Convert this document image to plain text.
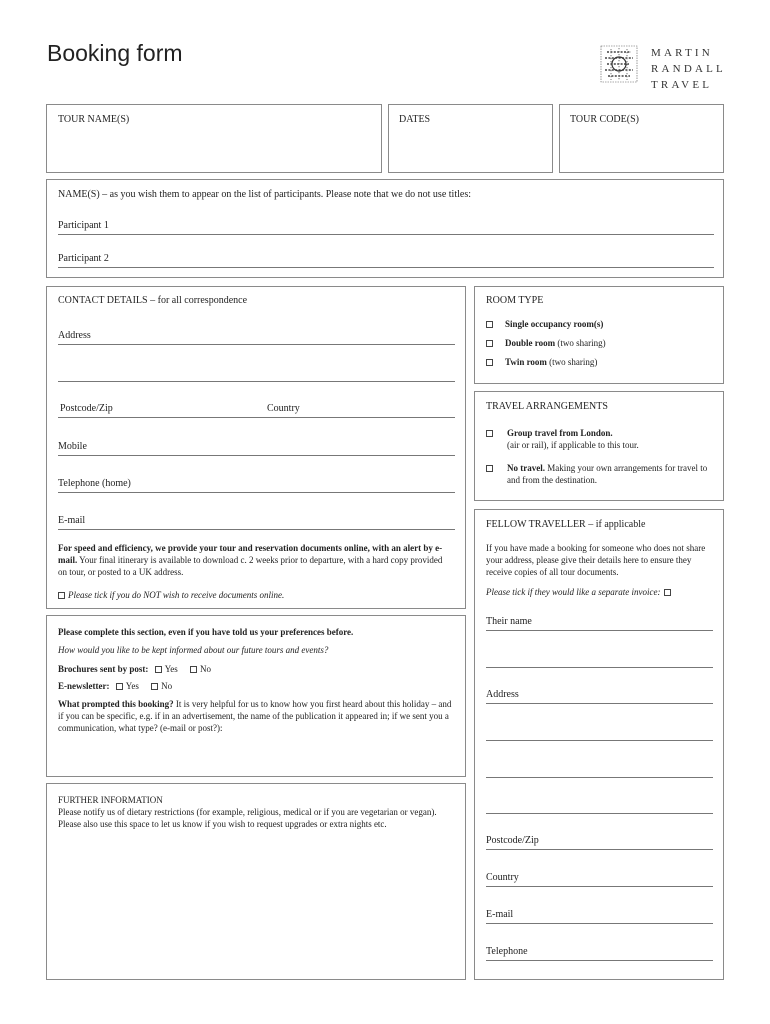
Booking form	MARTIN
RANDALL
TRAVEL
TOUR NAME(S)	DATES	TOUR CODE(S)
NAME(S) – as you wish them to appear on the list of participants. Please note that we do not use titles:
Participant 1
Participant 2
CONTACT DETAILS – for all correspondence
Address
Postcode/Zip	Country
Mobile
Telephone (home)
E-mail
For speed and efficiency, we provide your tour and reservation documents online, with an alert by e-mail. Your final itinerary is available to download c. 2 weeks prior to departure, with a hard copy provided on tour, or posted to a UK address.
Please tick if you do NOT wish to receive documents online.
Please complete this section, even if you have told us your preferences before.
How would you like to be kept informed about our future tours and events?
Brochures sent by post: Yes No
E-newsletter: Yes No
What prompted this booking? It is very helpful for us to know how you first heard about this holiday – and if you can be specific, e.g. if in an advertisement, the name of the publication it appeared in; if we sent you a communication, what type? (e-mail or post?):
FURTHER INFORMATION
Please notify us of dietary restrictions (for example, religious, medical or if you are vegetarian or vegan). Please also use this space to let us know if you wish to request upgrades or extra nights etc.
ROOM TYPE
Single occupancy room(s)
Double room (two sharing)
Twin room (two sharing)
TRAVEL ARRANGEMENTS
Group travel from London.
(air or rail), if applicable to this tour.
No travel. Making your own arrangements for travel to and from the destination.
FELLOW TRAVELLER – if applicable
If you have made a booking for someone who does not share your address, please give their details here to ensure they receive copies of all tour documents.
Please tick if they would like a separate invoice:
Their name
Address
Postcode/Zip
Country
E-mail
Telephone
